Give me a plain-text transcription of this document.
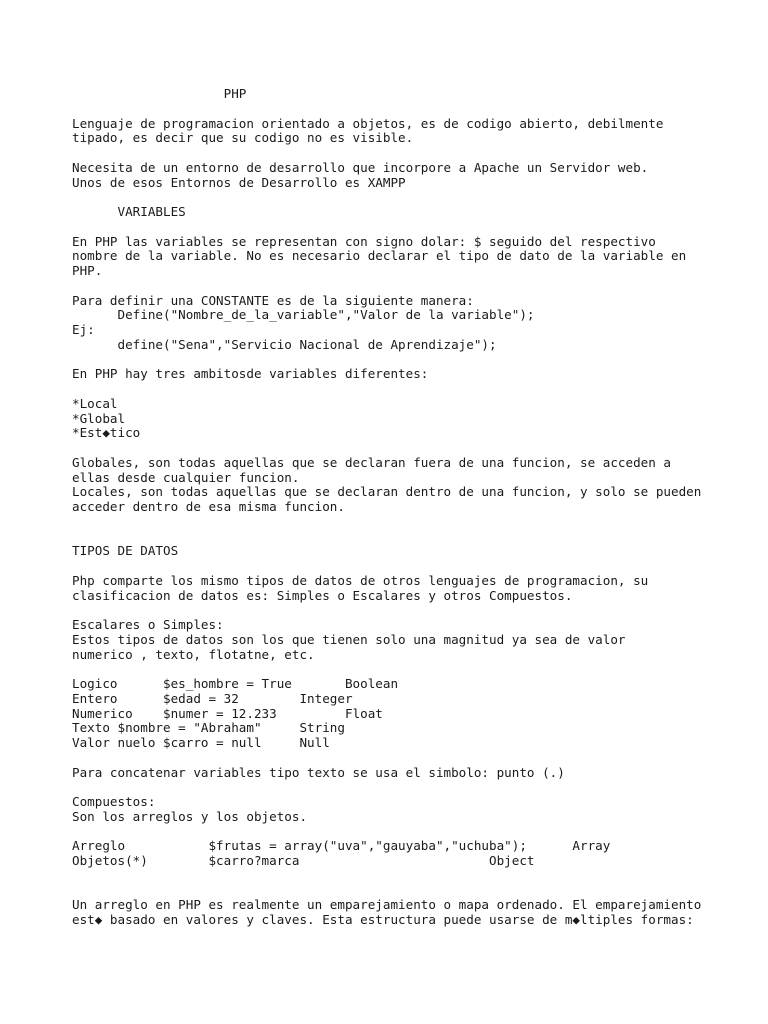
PHP
Lenguaje de programacion orientado a objetos, es de codigo abierto, debilmente
tipado, es decir que su codigo no es visible.
Necesita de un entorno de desarrollo que incorpore a Apache un Servidor web.
Unos de esos Entornos de Desarrollo es XAMPP
VARIABLES
En PHP las variables se representan con signo dolar: $ seguido del respectivo
nombre de la variable. No es necesario declarar el tipo de dato de la variable en
PHP.
Para definir una CONSTANTE es de la siguiente manera:
Define("Nombre_de_la_variable","Valor de la variable");
Ej:
define("Sena","Servicio Nacional de Aprendizaje");
En PHP hay tres ambitosde variables diferentes:
*Local
*Global
*Est◆tico
Globales, son todas aquellas que se declaran fuera de una funcion, se acceden a
ellas desde cualquier funcion.
Locales, son todas aquellas que se declaran dentro de una funcion, y solo se pueden
acceder dentro de esa misma funcion.
TIPOS DE DATOS
Php comparte los mismo tipos de datos de otros lenguajes de programacion, su
clasificacion de datos es: Simples o Escalares y otros Compuestos.
Escalares o Simples:
Estos tipos de datos son los que tienen solo una magnitud ya sea de valor
numerico , texto, flotatne, etc.
Logico      $es_hombre = True       Boolean
Entero      $edad = 32        Integer
Numerico    $numer = 12.233         Float
Texto $nombre = "Abraham"     String
Valor nuelo $carro = null     Null
Para concatenar variables tipo texto se usa el simbolo: punto (.)
Compuestos:
Son los arreglos y los objetos.
Arreglo           $frutas = array("uva","gauyaba","uchuba");      Array
Objetos(*)        $carro?marca                         Object
Un arreglo en PHP es realmente un emparejamiento o mapa ordenado. El emparejamiento
est◆ basado en valores y claves. Esta estructura puede usarse de m◆ltiples formas:
